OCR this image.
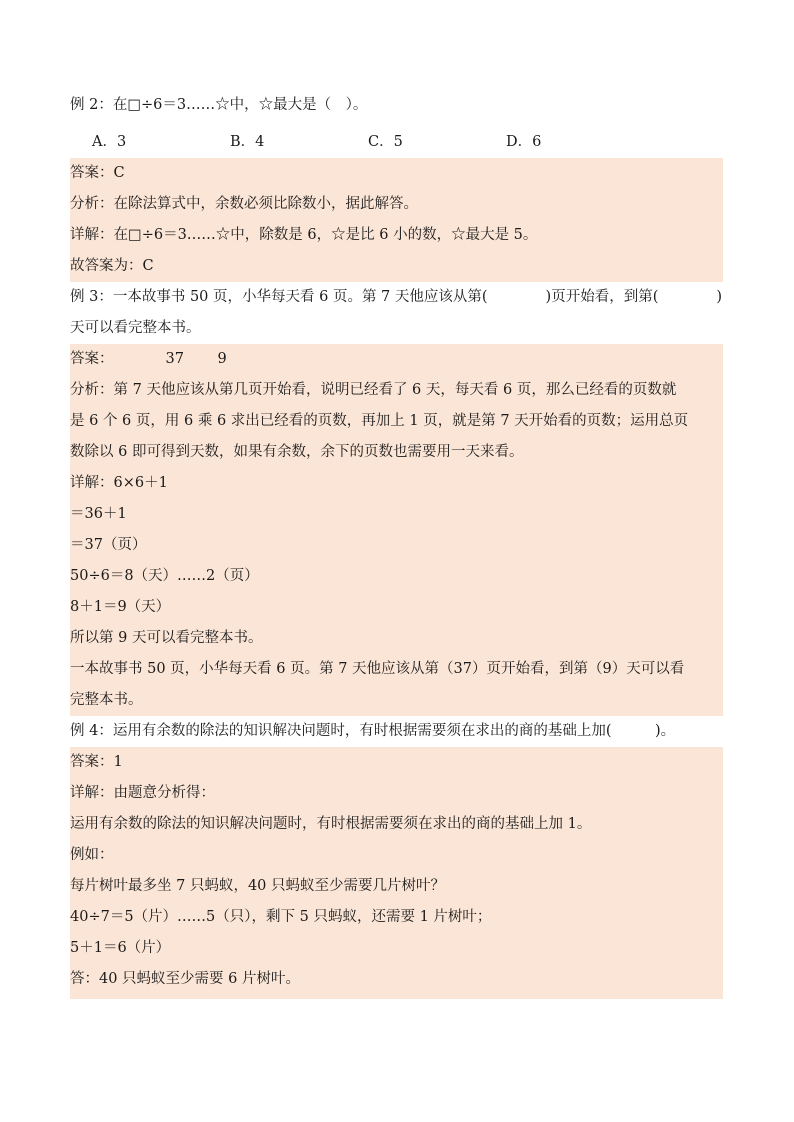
例 2：在□÷6＝3……☆中，☆最大是（　）。
A．3	B．4	C．5	D．6
答案：C
分析：在除法算式中，余数必须比除数小，据此解答。
详解：在□÷6＝3……☆中，除数是 6，☆是比 6 小的数，☆最大是 5。
故答案为：C
例 3：一本故事书 50 页，小华每天看 6 页。第 7 天他应该从第(　　　　)页开始看，到第(　　　　)
天可以看完整本书。
答案：	37 9
分析：第 7 天他应该从第几页开始看，说明已经看了 6 天，每天看 6 页，那么已经看的页数就
是 6 个 6 页，用 6 乘 6 求出已经看的页数，再加上 1 页，就是第 7 天开始看的页数；运用总页
数除以 6 即可得到天数，如果有余数，余下的页数也需要用一天来看。
详解：6×6＋1
＝36＋1
＝37（页）
50÷6＝8（天）……2（页）
8＋1＝9（天）
所以第 9 天可以看完整本书。
一本故事书 50 页，小华每天看 6 页。第 7 天他应该从第（37）页开始看，到第（9）天可以看
完整本书。
例 4：运用有余数的除法的知识解决问题时，有时根据需要须在求出的商的基础上加(　　　)。
答案：1
详解：由题意分析得：
运用有余数的除法的知识解决问题时，有时根据需要须在求出的商的基础上加 1。
例如：
每片树叶最多坐 7 只蚂蚁，40 只蚂蚁至少需要几片树叶？
40÷7＝5（片）……5（只），剩下 5 只蚂蚁，还需要 1 片树叶；
5＋1＝6（片）
答：40 只蚂蚁至少需要 6 片树叶。
